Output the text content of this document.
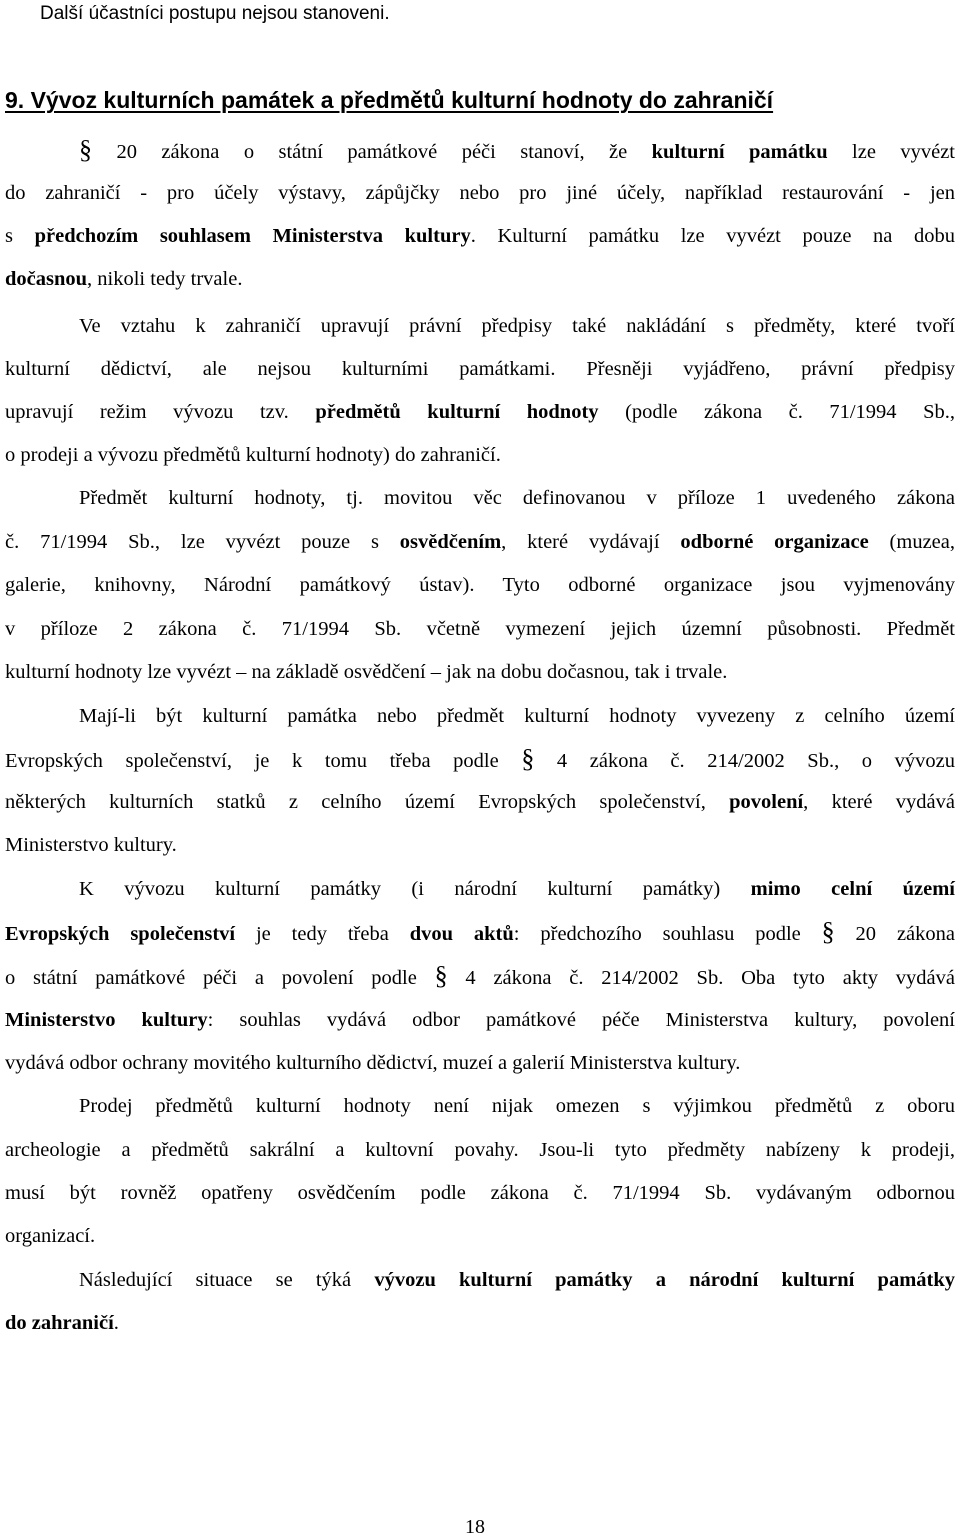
Další účastníci postupu nejsou stanoveni.
9. Vývoz kulturních památek a předmětů kulturní hodnoty do zahraničí
§ 20 zákona o státní památkové péči stanoví, že kulturní památku lze vyvézt
do zahraničí - pro účely výstavy, zápůjčky nebo pro jiné účely, například restaurování - jen
s předchozím souhlasem Ministerstva kultury. Kulturní památku lze vyvézt pouze na dobu
dočasnou, nikoli tedy trvale.
Ve vztahu k zahraničí upravují právní předpisy také nakládání s předměty, které tvoří
kulturní dědictví, ale nejsou kulturními památkami. Přesněji vyjádřeno, právní předpisy
upravují režim vývozu tzv. předmětů kulturní hodnoty (podle zákona č. 71/1994 Sb.,
o prodeji a vývozu předmětů kulturní hodnoty) do zahraničí.
Předmět kulturní hodnoty, tj. movitou věc definovanou v příloze 1 uvedeného zákona
č. 71/1994 Sb., lze vyvézt pouze s osvědčením, které vydávají odborné organizace (muzea,
galerie, knihovny, Národní památkový ústav). Tyto odborné organizace jsou vyjmenovány
v příloze 2 zákona č. 71/1994 Sb. včetně vymezení jejich územní působnosti. Předmět
kulturní hodnoty lze vyvézt – na základě osvědčení – jak na dobu dočasnou, tak i trvale.
Mají-li být kulturní památka nebo předmět kulturní hodnoty vyvezeny z celního území
Evropských společenství, je k tomu třeba podle § 4 zákona č. 214/2002 Sb., o vývozu
některých kulturních statků z celního území Evropských společenství, povolení, které vydává
Ministerstvo kultury.
K vývozu kulturní památky (i národní kulturní památky) mimo celní území
Evropských společenství je tedy třeba dvou aktů: předchozího souhlasu podle § 20 zákona
o státní památkové péči a povolení podle § 4 zákona č. 214/2002 Sb. Oba tyto akty vydává
Ministerstvo kultury: souhlas vydává odbor památkové péče Ministerstva kultury, povolení
vydává odbor ochrany movitého kulturního dědictví, muzeí a galerií Ministerstva kultury.
Prodej předmětů kulturní hodnoty není nijak omezen s výjimkou předmětů z oboru
archeologie a předmětů sakrální a kultovní povahy. Jsou-li tyto předměty nabízeny k prodeji,
musí být rovněž opatřeny osvědčením podle zákona č. 71/1994 Sb. vydávaným odbornou
organizací.
Následující situace se týká vývozu kulturní památky a národní kulturní památky
do zahraničí.
18
